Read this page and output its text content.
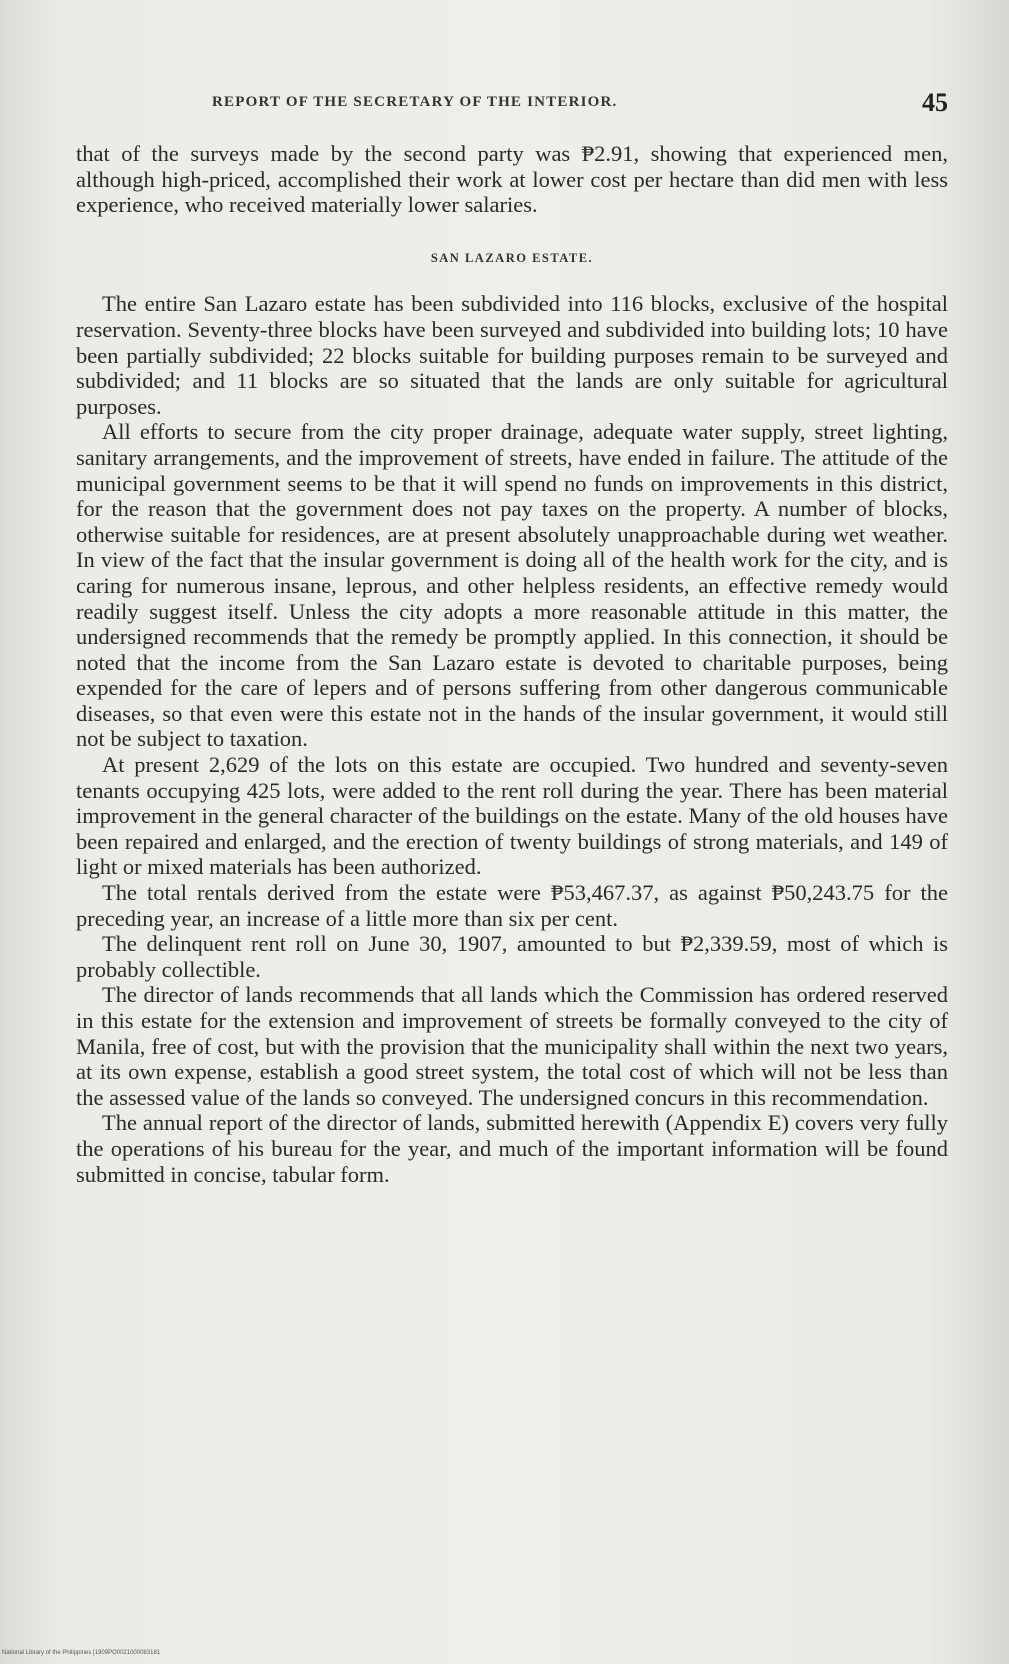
REPORT OF THE SECRETARY OF THE INTERIOR.	45

that of the surveys made by the second party was ₱2.91, showing that experienced men, although high-priced, accomplished their work at lower cost per hectare than did men with less experience, who received materially lower salaries.

SAN LAZARO ESTATE.

The entire San Lazaro estate has been subdivided into 116 blocks, exclusive of the hospital reservation. Seventy-three blocks have been surveyed and subdivided into building lots; 10 have been partially subdivided; 22 blocks suitable for building purposes remain to be surveyed and subdivided; and 11 blocks are so situated that the lands are only suitable for agricultural purposes.

All efforts to secure from the city proper drainage, adequate water supply, street lighting, sanitary arrangements, and the improvement of streets, have ended in failure. The attitude of the municipal government seems to be that it will spend no funds on improvements in this district, for the reason that the government does not pay taxes on the property. A number of blocks, otherwise suitable for residences, are at present absolutely unapproachable during wet weather. In view of the fact that the insular government is doing all of the health work for the city, and is caring for numerous insane, leprous, and other helpless residents, an effective remedy would readily suggest itself. Unless the city adopts a more reasonable attitude in this matter, the undersigned recommends that the remedy be promptly applied. In this connection, it should be noted that the income from the San Lazaro estate is devoted to charitable purposes, being expended for the care of lepers and of persons suffering from other dangerous communicable diseases, so that even were this estate not in the hands of the insular government, it would still not be subject to taxation.

At present 2,629 of the lots on this estate are occupied. Two hundred and seventy-seven tenants occupying 425 lots, were added to the rent roll during the year. There has been material improvement in the general character of the buildings on the estate. Many of the old houses have been repaired and enlarged, and the erection of twenty buildings of strong materials, and 149 of light or mixed materials has been authorized.

The total rentals derived from the estate were ₱53,467.37, as against ₱50,243.75 for the preceding year, an increase of a little more than six per cent.

The delinquent rent roll on June 30, 1907, amounted to but ₱2,339.59, most of which is probably collectible.

The director of lands recommends that all lands which the Commission has ordered reserved in this estate for the extension and improvement of streets be formally conveyed to the city of Manila, free of cost, but with the provision that the municipality shall within the next two years, at its own expense, establish a good street system, the total cost of which will not be less than the assessed value of the lands so conveyed. The undersigned concurs in this recommendation.

The annual report of the director of lands, submitted herewith (Appendix E) covers very fully the operations of his bureau for the year, and much of the important information will be found submitted in concise, tabular form.

National Library of the Philippines [1909PO0021000083181
